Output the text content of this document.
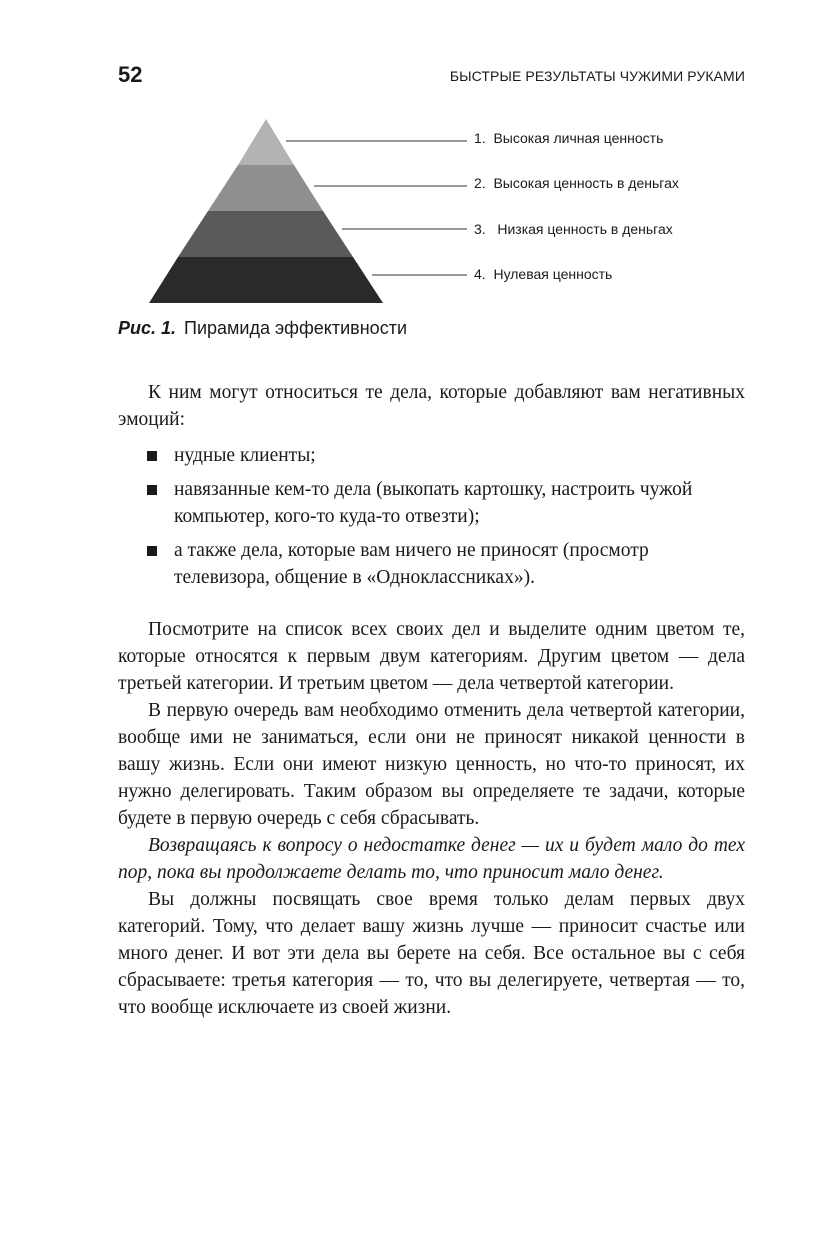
52	БЫСТРЫЕ РЕЗУЛЬТАТЫ ЧУЖИМИ РУКАМИ
1.  Высокая личная ценность
2.  Высокая ценность в деньгах
3.   Низкая ценность в деньгах
4.  Нулевая ценность
Рис. 1. Пирамида эффективности

К ним могут относиться те дела, которые добавляют вам негативных эмоций:

нудные клиенты;
навязанные кем-то дела (выкопать картошку, настроить чужой компьютер, кого-то куда-то отвезти);
а также дела, которые вам ничего не приносят (просмотр телевизора, общение в «Одноклассниках»).

Посмотрите на список всех своих дел и выделите одним цветом те, которые относятся к первым двум категориям. Другим цветом — дела третьей категории. И третьим цветом — дела четвертой категории.

В первую очередь вам необходимо отменить дела четвертой категории, вообще ими не заниматься, если они не приносят никакой ценности в вашу жизнь. Если они имеют низкую ценность, но что-то приносят, их нужно делегировать. Таким образом вы определяете те задачи, которые будете в первую очередь с себя сбрасывать.

Возвращаясь к вопросу о недостатке денег — их и будет мало до тех пор, пока вы продолжаете делать то, что приносит мало денег.

Вы должны посвящать свое время только делам первых двух категорий. Тому, что делает вашу жизнь лучше — приносит счастье или много денег. И вот эти дела вы берете на себя. Все остальное вы с себя сбрасываете: третья категория — то, что вы делегируете, четвертая — то, что вообще исключаете из своей жизни.
